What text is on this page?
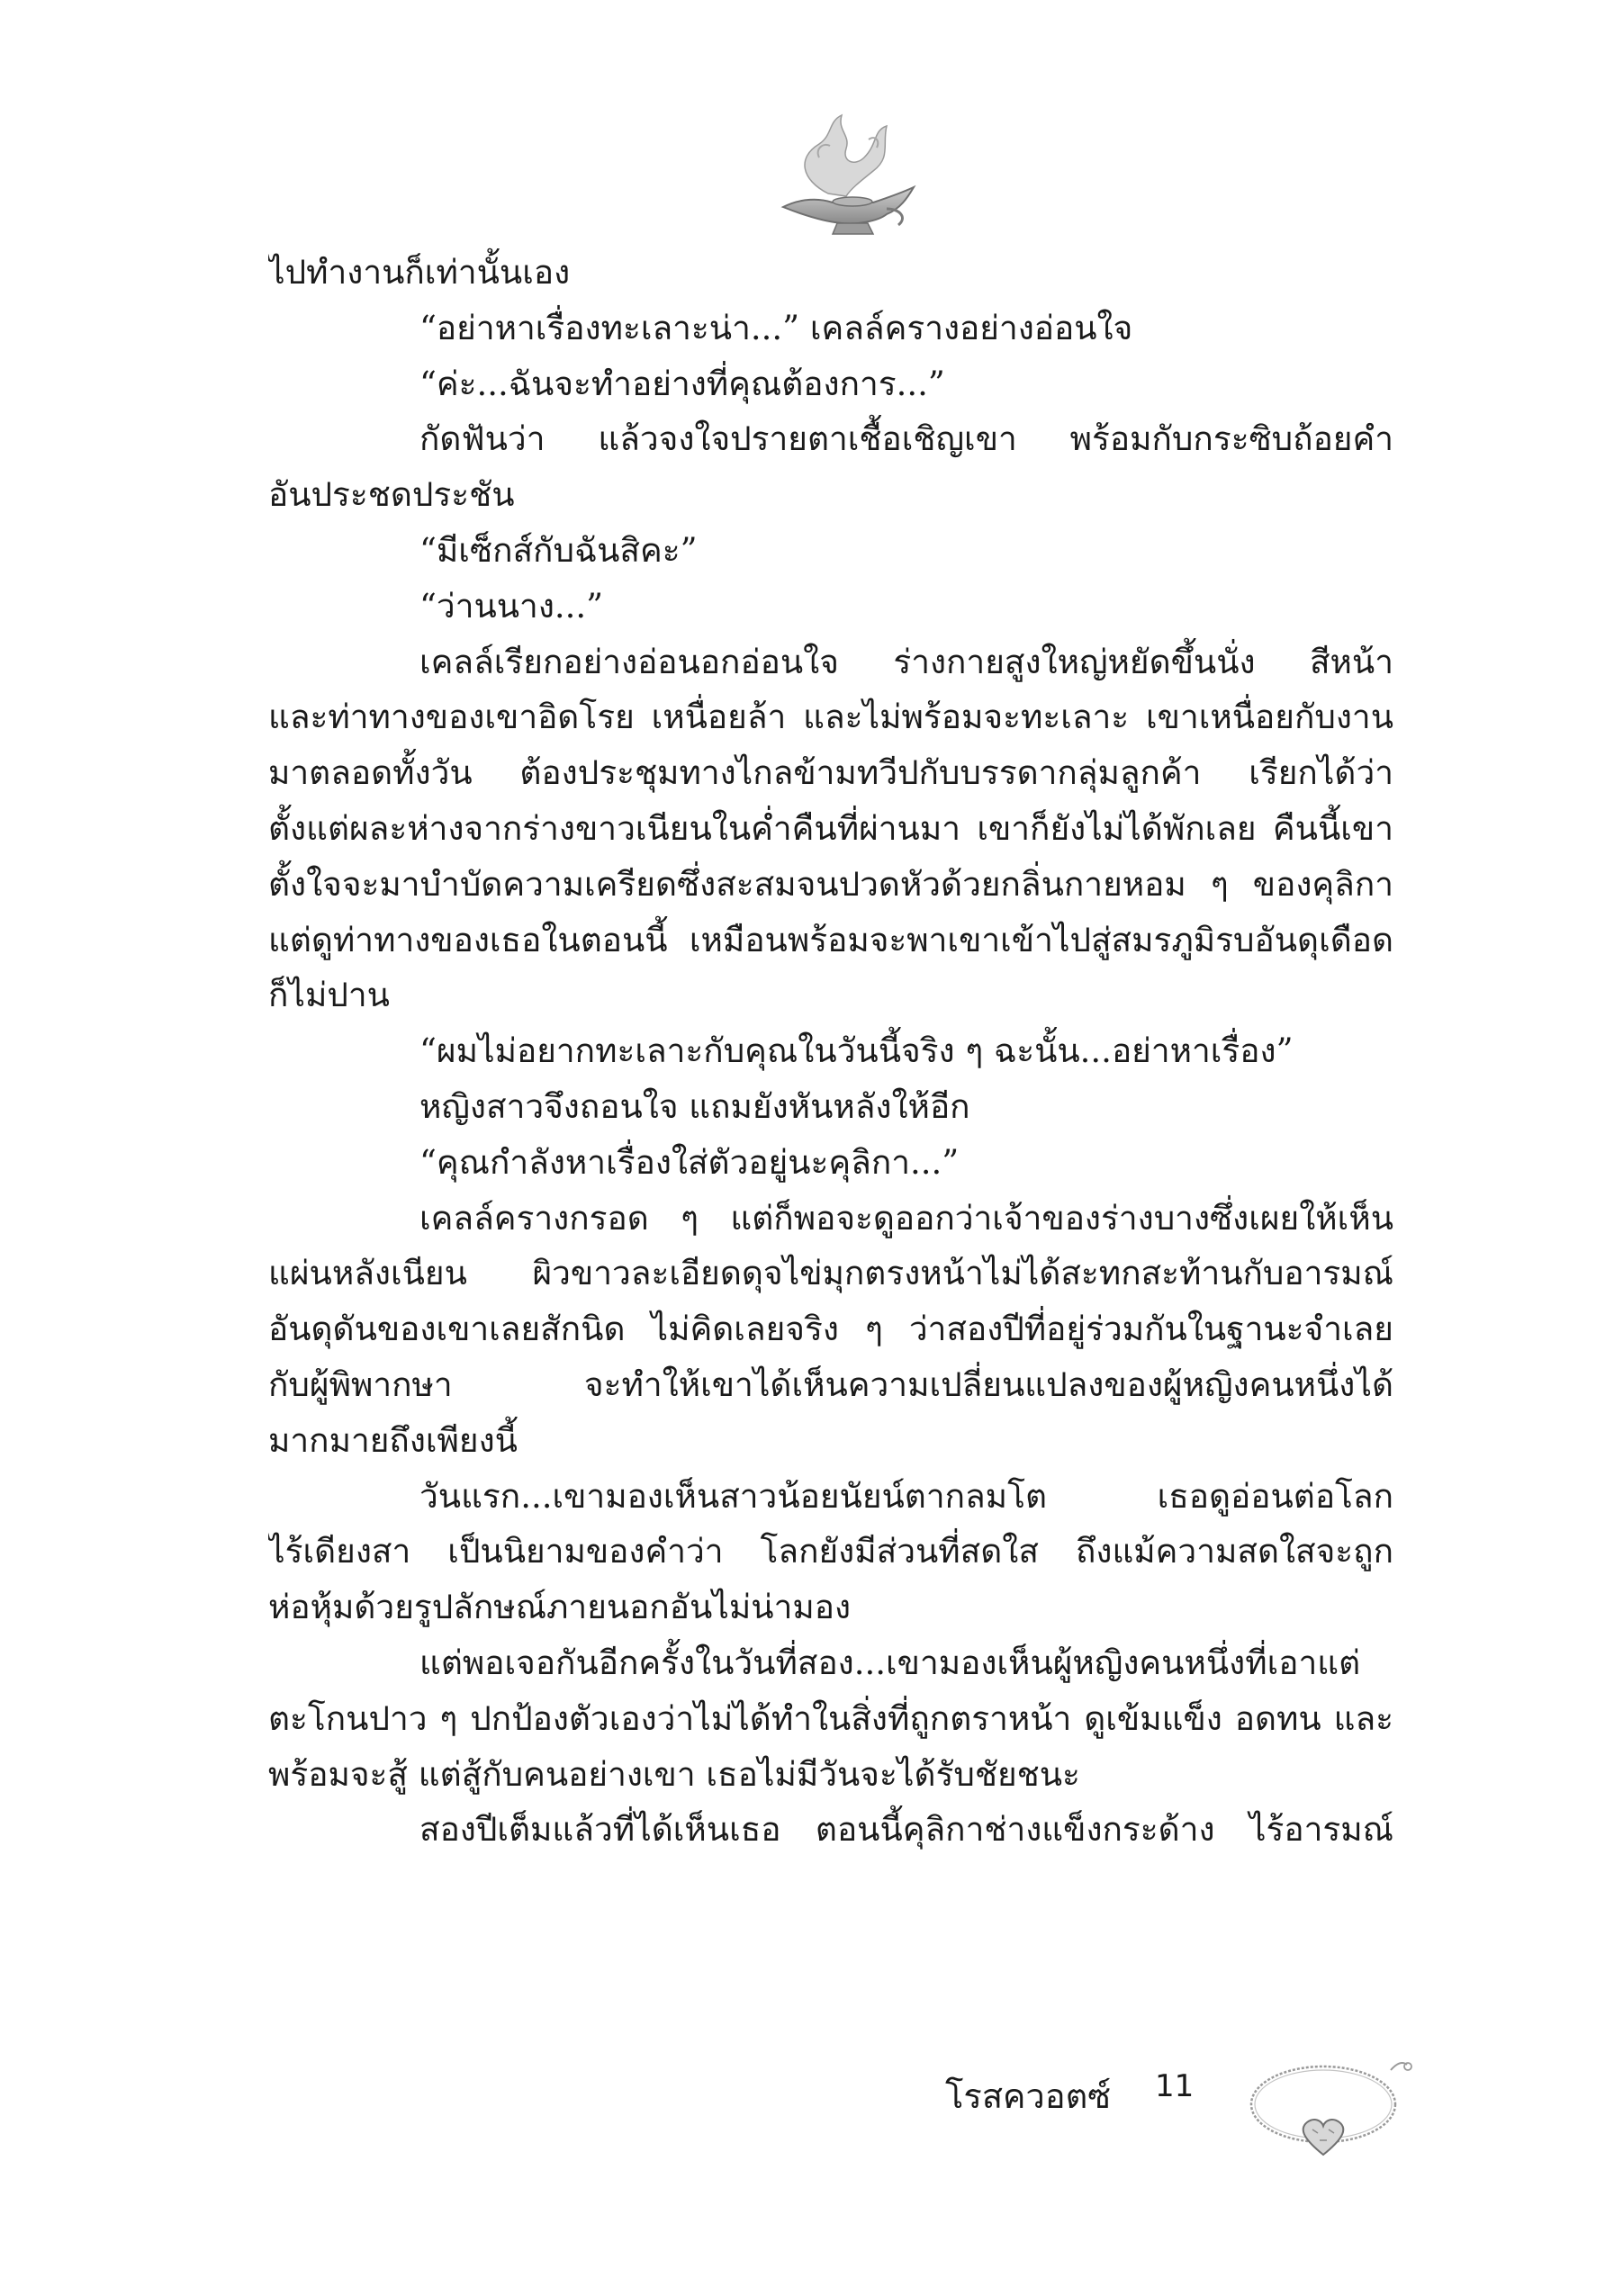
ไปทำงานก็เท่านั้นเอง
“อย่าหาเรื่องทะเลาะน่า...” เคลล์ครางอย่างอ่อนใจ
“ค่ะ...ฉันจะทำอย่างที่คุณต้องการ...”
กัดฟันว่า แล้วจงใจปรายตาเชื้อเชิญเขา พร้อมกับกระซิบถ้อยคำ
อันประชดประชัน
“มีเซ็กส์กับฉันสิคะ”
“ว่านนาง...”
เคลล์เรียกอย่างอ่อนอกอ่อนใจ ร่างกายสูงใหญ่หยัดขึ้นนั่ง สีหน้า
และท่าทางของเขาอิดโรย เหนื่อยล้า และไม่พร้อมจะทะเลาะ เขาเหนื่อยกับงาน
มาตลอดทั้งวัน ต้องประชุมทางไกลข้ามทวีปกับบรรดากลุ่มลูกค้า เรียกได้ว่า
ตั้งแต่ผละห่างจากร่างขาวเนียนในค่ำคืนที่ผ่านมา เขาก็ยังไม่ได้พักเลย คืนนี้เขา
ตั้งใจจะมาบำบัดความเครียดซึ่งสะสมจนปวดหัวด้วยกลิ่นกายหอม ๆ ของคุลิกา
แต่ดูท่าทางของเธอในตอนนี้ เหมือนพร้อมจะพาเขาเข้าไปสู่สมรภูมิรบอันดุเดือด
ก็ไม่ปาน
“ผมไม่อยากทะเลาะกับคุณในวันนี้จริง ๆ ฉะนั้น...อย่าหาเรื่อง”
หญิงสาวจึงถอนใจ แถมยังหันหลังให้อีก
“คุณกำลังหาเรื่องใส่ตัวอยู่นะคุลิกา...”
เคลล์ครางกรอด ๆ แต่ก็พอจะดูออกว่าเจ้าของร่างบางซึ่งเผยให้เห็น
แผ่นหลังเนียน ผิวขาวละเอียดดุจไข่มุกตรงหน้าไม่ได้สะทกสะท้านกับอารมณ์
อันดุดันของเขาเลยสักนิด ไม่คิดเลยจริง ๆ ว่าสองปีที่อยู่ร่วมกันในฐานะจำเลย
กับผู้พิพากษา จะทำให้เขาได้เห็นความเปลี่ยนแปลงของผู้หญิงคนหนึ่งได้
มากมายถึงเพียงนี้
วันแรก...เขามองเห็นสาวน้อยนัยน์ตากลมโต เธอดูอ่อนต่อโลก
ไร้เดียงสา เป็นนิยามของคำว่า โลกยังมีส่วนที่สดใส ถึงแม้ความสดใสจะถูก
ห่อหุ้มด้วยรูปลักษณ์ภายนอกอันไม่น่ามอง
แต่พอเจอกันอีกครั้งในวันที่สอง...เขามองเห็นผู้หญิงคนหนึ่งที่เอาแต่
ตะโกนปาว ๆ ปกป้องตัวเองว่าไม่ได้ทำในสิ่งที่ถูกตราหน้า ดูเข้มแข็ง อดทน และ
พร้อมจะสู้ แต่สู้กับคนอย่างเขา เธอไม่มีวันจะได้รับชัยชนะ
สองปีเต็มแล้วที่ได้เห็นเธอ ตอนนี้คุลิกาช่างแข็งกระด้าง ไร้อารมณ์
โรสควอตซ์ 11
